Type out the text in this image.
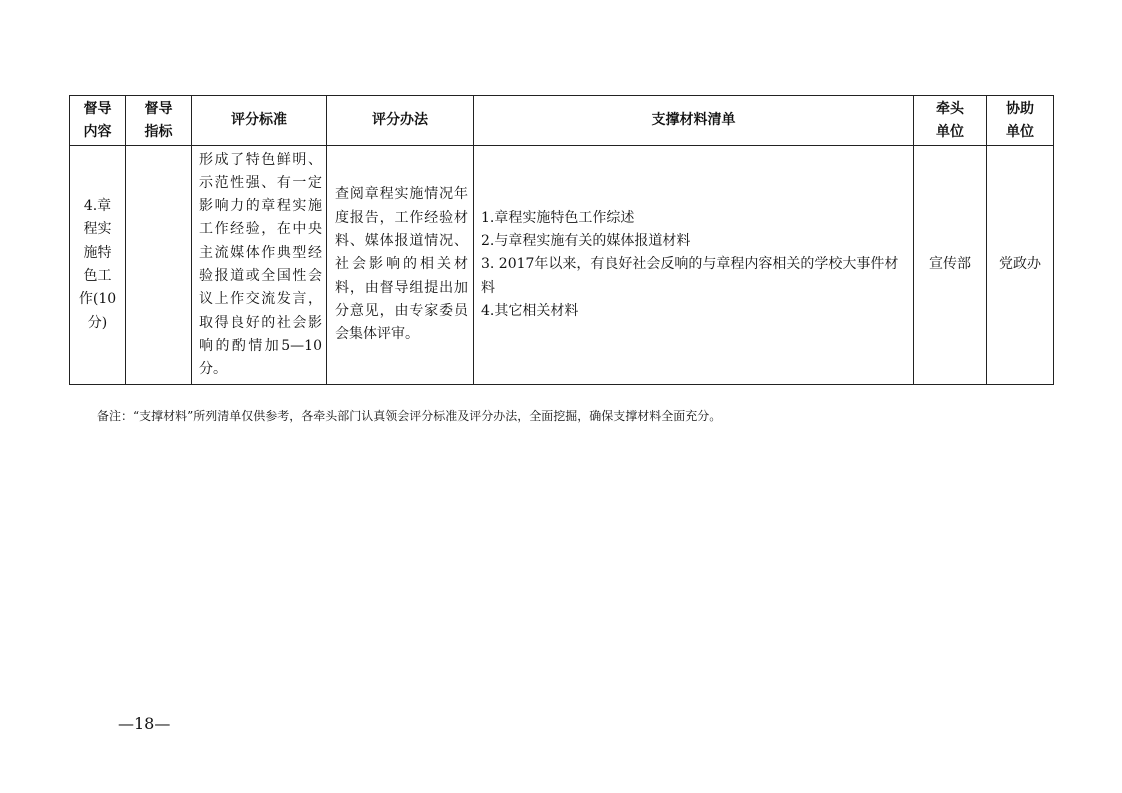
督导内容	督导指标	评分标准	评分办法	支撑材料清单	牵头单位	协助单位
4.章程实施特色工作(10分)		形成了特色鲜明、示范性强、有一定影响力的章程实施工作经验，在中央主流媒体作典型经验报道或全国性会议上作交流发言，取得良好的社会影响的酌情加5—10分。	查阅章程实施情况年度报告，工作经验材料、媒体报道情况、社会影响的相关材料，由督导组提出加分意见，由专家委员会集体评审。	1.章程实施特色工作综述
2.与章程实施有关的媒体报道材料
3. 2017年以来，有良好社会反响的与章程内容相关的学校大事件材料
4.其它相关材料	宣传部	党政办
备注：“支撑材料”所列清单仅供参考，各牵头部门认真领会评分标准及评分办法，全面挖掘，确保支撑材料全面充分。
—18—
